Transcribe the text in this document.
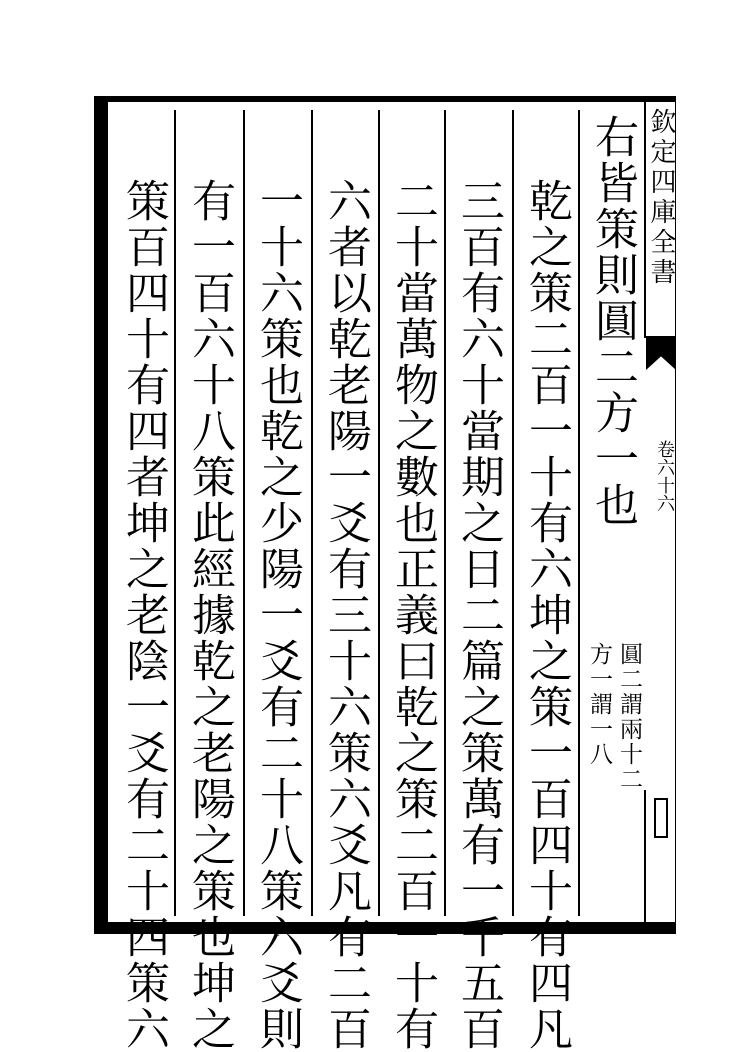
欽定四庫全書
卷六十六
右皆策則圓二方一也
圓二謂兩十二
方一謂一八
乾之策二百一十有六坤之策一百四十有四凡
三百有六十當期之日二篇之策萬有一千五百
二十當萬物之數也正義曰乾之策二百一十有
六者以乾老陽一爻有三十六策六爻凡有二百
一十六策也乾之少陽一爻有二十八策六爻則
有一百六十八策此經據乾之老陽之策也坤之
策百四十有四者坤之老陰一爻有二十四策六
